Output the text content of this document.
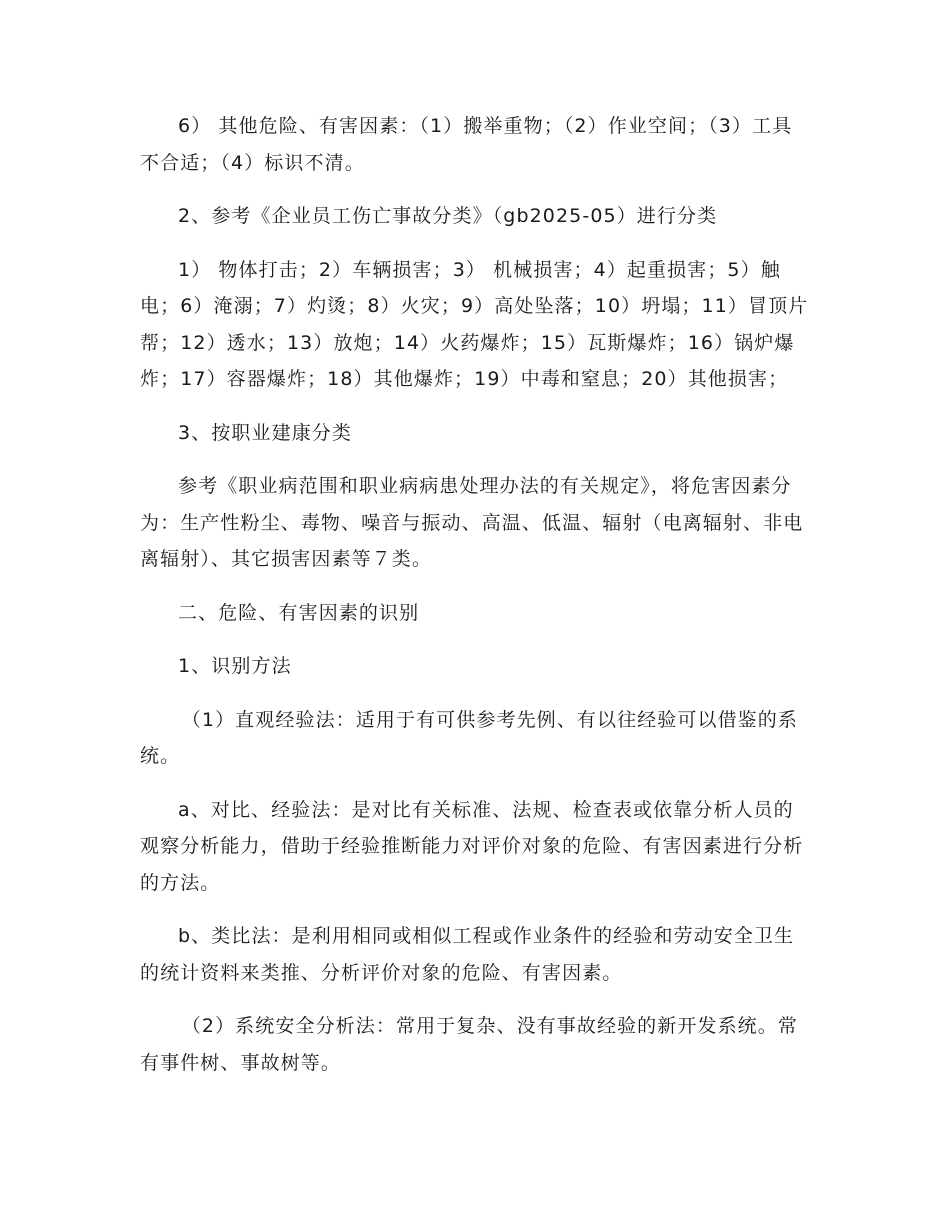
6） 其他危险、有害因素：（1）搬举重物；（2）作业空间；（3）工具不合适；（4）标识不清。

2、参考《企业员工伤亡事故分类》（gb2025-05）进行分类

1） 物体打击；2）车辆损害；3） 机械损害；4）起重损害；5）触电；6）淹溺；7）灼烫；8）火灾；9）高处坠落；10）坍塌；11）冒顶片帮；12）透水；13）放炮；14）火药爆炸；15）瓦斯爆炸；16）锅炉爆炸；17）容器爆炸；18）其他爆炸；19）中毒和窒息；20）其他损害；

3、按职业建康分类

参考《职业病范围和职业病病患处理办法的有关规定》，将危害因素分为：生产性粉尘、毒物、噪音与振动、高温、低温、辐射（电离辐射、非电离辐射）、其它损害因素等７类。

二、危险、有害因素的识别

1、识别方法

（1）直观经验法：适用于有可供参考先例、有以往经验可以借鉴的系统。

a、对比、经验法：是对比有关标准、法规、检查表或依靠分析人员的观察分析能力，借助于经验推断能力对评价对象的危险、有害因素进行分析的方法。

b、类比法：是利用相同或相似工程或作业条件的经验和劳动安全卫生的统计资料来类推、分析评价对象的危险、有害因素。

（2）系统安全分析法：常用于复杂、没有事故经验的新开发系统。常有事件树、事故树等。
